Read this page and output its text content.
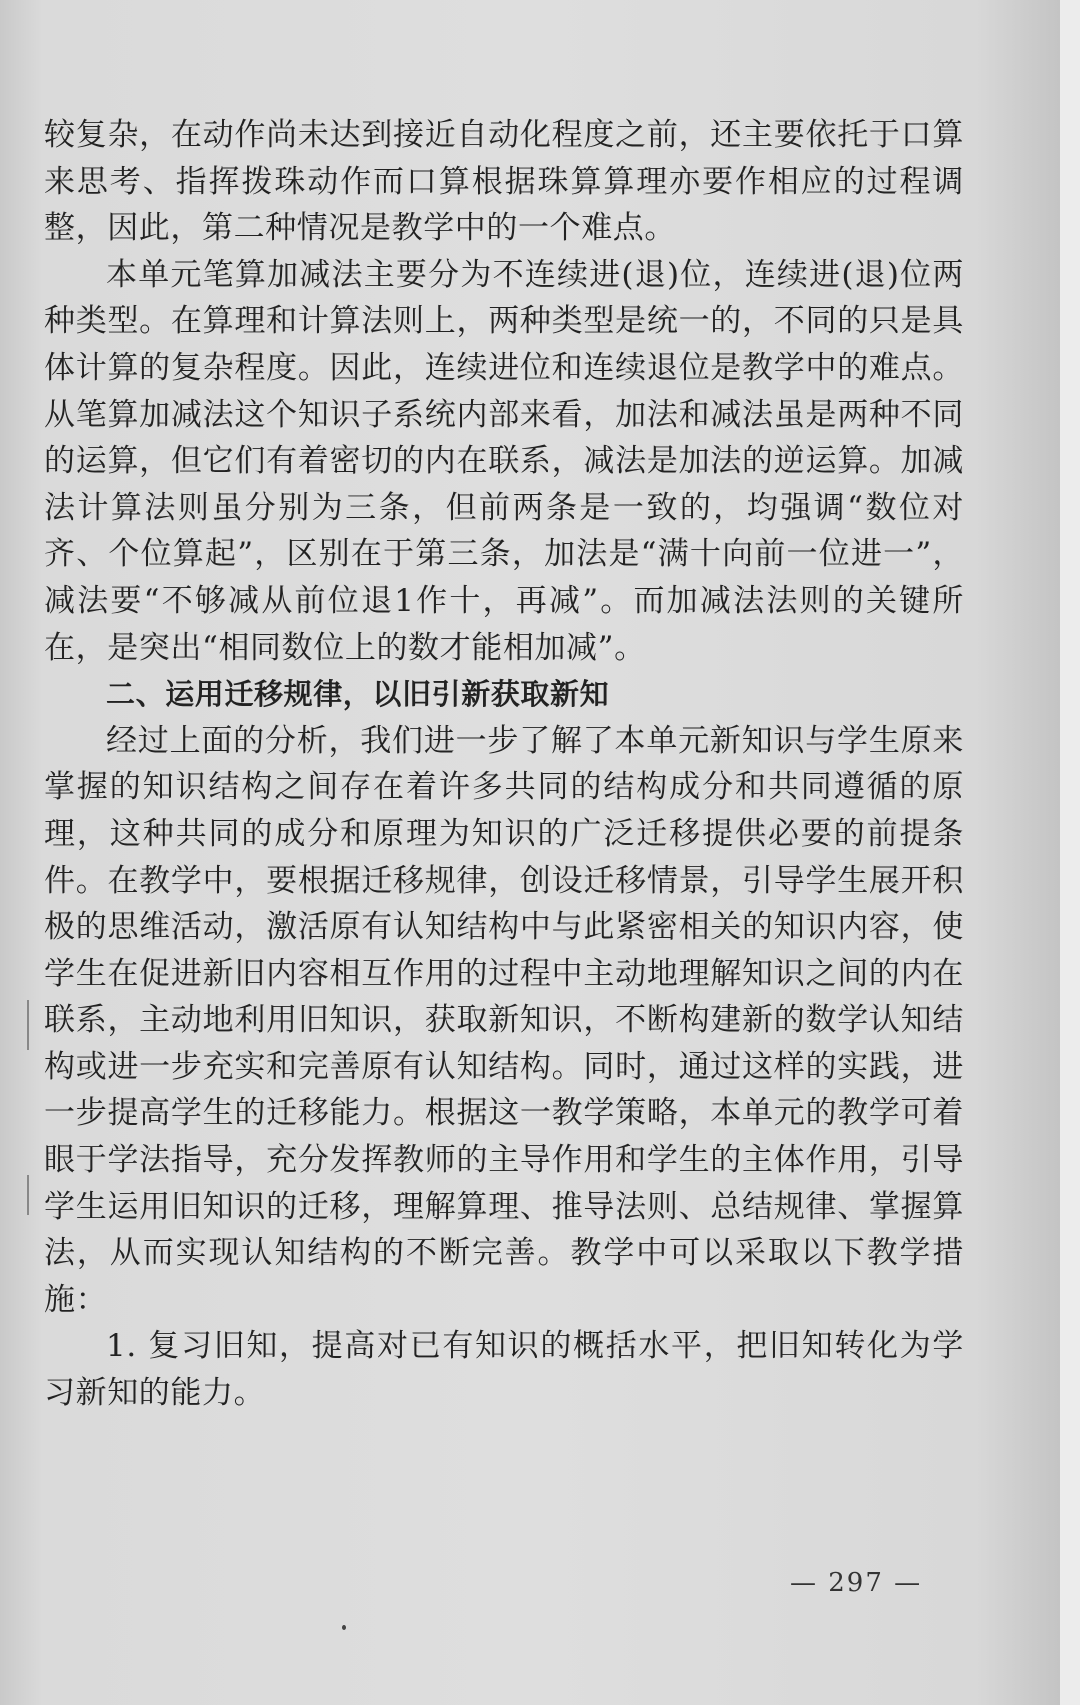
较复杂，在动作尚未达到接近自动化程度之前，还主要依托于口算来思考、指挥拨珠动作而口算根据珠算算理亦要作相应的过程调整，因此，第二种情况是教学中的一个难点。

本单元笔算加减法主要分为不连续进(退)位，连续进(退)位两种类型。在算理和计算法则上，两种类型是统一的，不同的只是具体计算的复杂程度。因此，连续进位和连续退位是教学中的难点。从笔算加减法这个知识子系统内部来看，加法和减法虽是两种不同的运算，但它们有着密切的内在联系，减法是加法的逆运算。加减法计算法则虽分别为三条，但前两条是一致的，均强调“数位对齐、个位算起”，区别在于第三条，加法是“满十向前一位进一”，减法要“不够减从前位退1作十，再减”。而加减法法则的关键所在，是突出“相同数位上的数才能相加减”。

二、运用迁移规律，以旧引新获取新知

经过上面的分析，我们进一步了解了本单元新知识与学生原来掌握的知识结构之间存在着许多共同的结构成分和共同遵循的原理，这种共同的成分和原理为知识的广泛迁移提供必要的前提条件。在教学中，要根据迁移规律，创设迁移情景，引导学生展开积极的思维活动，激活原有认知结构中与此紧密相关的知识内容，使学生在促进新旧内容相互作用的过程中主动地理解知识之间的内在联系，主动地利用旧知识，获取新知识，不断构建新的数学认知结构或进一步充实和完善原有认知结构。同时，通过这样的实践，进一步提高学生的迁移能力。根据这一教学策略，本单元的教学可着眼于学法指导，充分发挥教师的主导作用和学生的主体作用，引导学生运用旧知识的迁移，理解算理、推导法则、总结规律、掌握算法，从而实现认知结构的不断完善。教学中可以采取以下教学措施：

1. 复习旧知，提高对已有知识的概括水平，把旧知转化为学习新知的能力。

— 297 —
